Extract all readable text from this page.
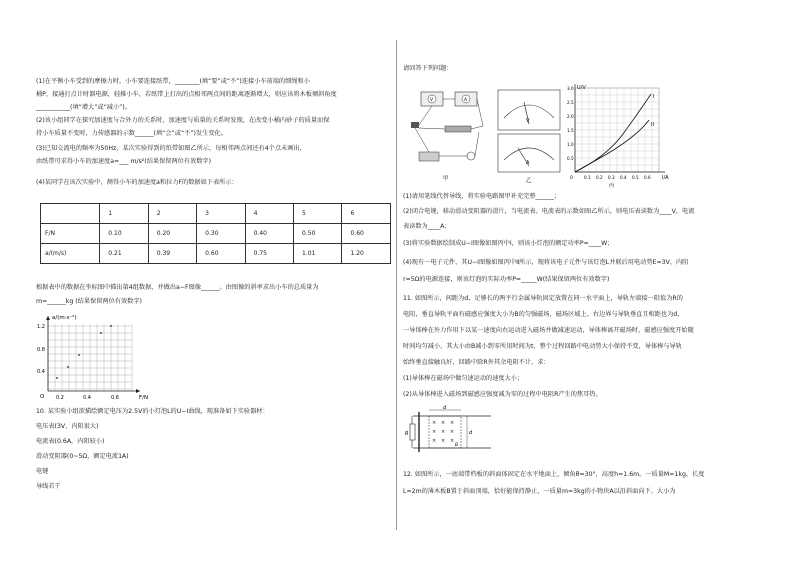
(1)在平衡小车受到的摩擦力时，小车要连接纸带，________(填“要”或“不”)连接小车前端的细绳和小
桶P，接通打点计时器电源，轻推小车，若纸带上打出的点相邻两点间的距离逐渐增大，则应该将木板倾斜角度
___________(填“增大”或“减小”)。
(2)该小组同学在探究加速度与合外力的关系时，加速度与质量的关系时发现，在改变小桶内砂子的质量而保
持小车质量不变时，力传感器的示数______(填“会”或“不”)发生变化。
(3)已知交流电的频率为50Hz，某次实验得到的纸带如图乙所示，每相邻两点间还有4个点未画出，
由纸带可求得小车的加速度a=___ m/s²(结果保留两位有效数字)
(4)某同学在该次实验中，测得小车的加速度a和拉力F的数据如下表所示：
	1	2	3	4	5	6
F/N	0.10	0.20	0.30	0.40	0.50	0.60
a/(m/s)	0.21	0.39	0.60	0.75	1.01	1.20
根据表中的数据在坐标图中描出第4组数据，并做出a−F图像______。由图像的斜率求出小车的总质量为
m=______kg (结果保留两位有效数字)
a/(m·s⁻²)
F/N
O
1.2
0.8
0.4
0.2	0.4	0.6
10. 某实验小组欲描绘额定电压为2.5V的小灯泡L的U−I曲线，现准备如下实验器材：
电压表(3V，内阻很大)
电流表(0.6A，内阻较小)
滑动变阻器(0~5Ω，额定电流1A)
电键
导线若干
请回答下列问题：
V	A
甲
V
A
乙
I
II
U/V
I/A
0
3.0
2.5
2.0
1.5
1.0
0.5
0.1 0.2 0.3 0.4 0.5 0.6
丙
(1)请用笔线代替导线，将实验电路图甲补充完整______；
(2)闭合电键，移动滑动变阻器的滑片，当电流表、电流表的示数如图乙所示，则电压表读数为____V，电流
表读数为____A；
(3)将实验数据绘制成U−I图像如图丙中Ⅰ，则该小灯泡的额定功率P=____W；
(4)现有一电子元件，其U−I图像如图丙中Ⅱ所示，现将该电子元件与该灯泡L并联后用电动势E=3V、内阻
r=5Ω的电源连接，则该灯泡的实际功率P=_____W(结果保留两位有效数字)
11. 如图所示，间距为d、足够长的两平行金属导轨固定放置在同一水平面上，导轨左端接一阻值为R的
电阻，垂直导轨平面有磁感应强度大小为B的匀强磁场，磁场区域上、右边界与导轨垂直且相距也为d，
一导体棒在外力作用下以某一速度向右运动进入磁场并做减速运动，导体棒离开磁场时，磁感应强度开始随
时间均匀减小，其大小由B减小到零所用时间为t，整个过程回路中电动势大小保持不变，导体棒与导轨
始终垂直接触良好，回路中除R外其余电阻不计，求：
(1)导体棒在磁场中做匀速运动的速度大小；
(2)从导体棒进入磁场到磁感应强度减为零的过程中电阻R产生的焦耳热。
× × ×
× × ×
× × ×
d
d
R
B
12. 如图所示，一底端带档板的斜面体固定在水平地面上，倾角θ=30°，高度h=1.6m。一质量M=1kg、长度
L=2m的薄木板B置于斜面顶端，恰好能保持静止，一质量m=3kg的小物块A以沿斜面向下、大小为
